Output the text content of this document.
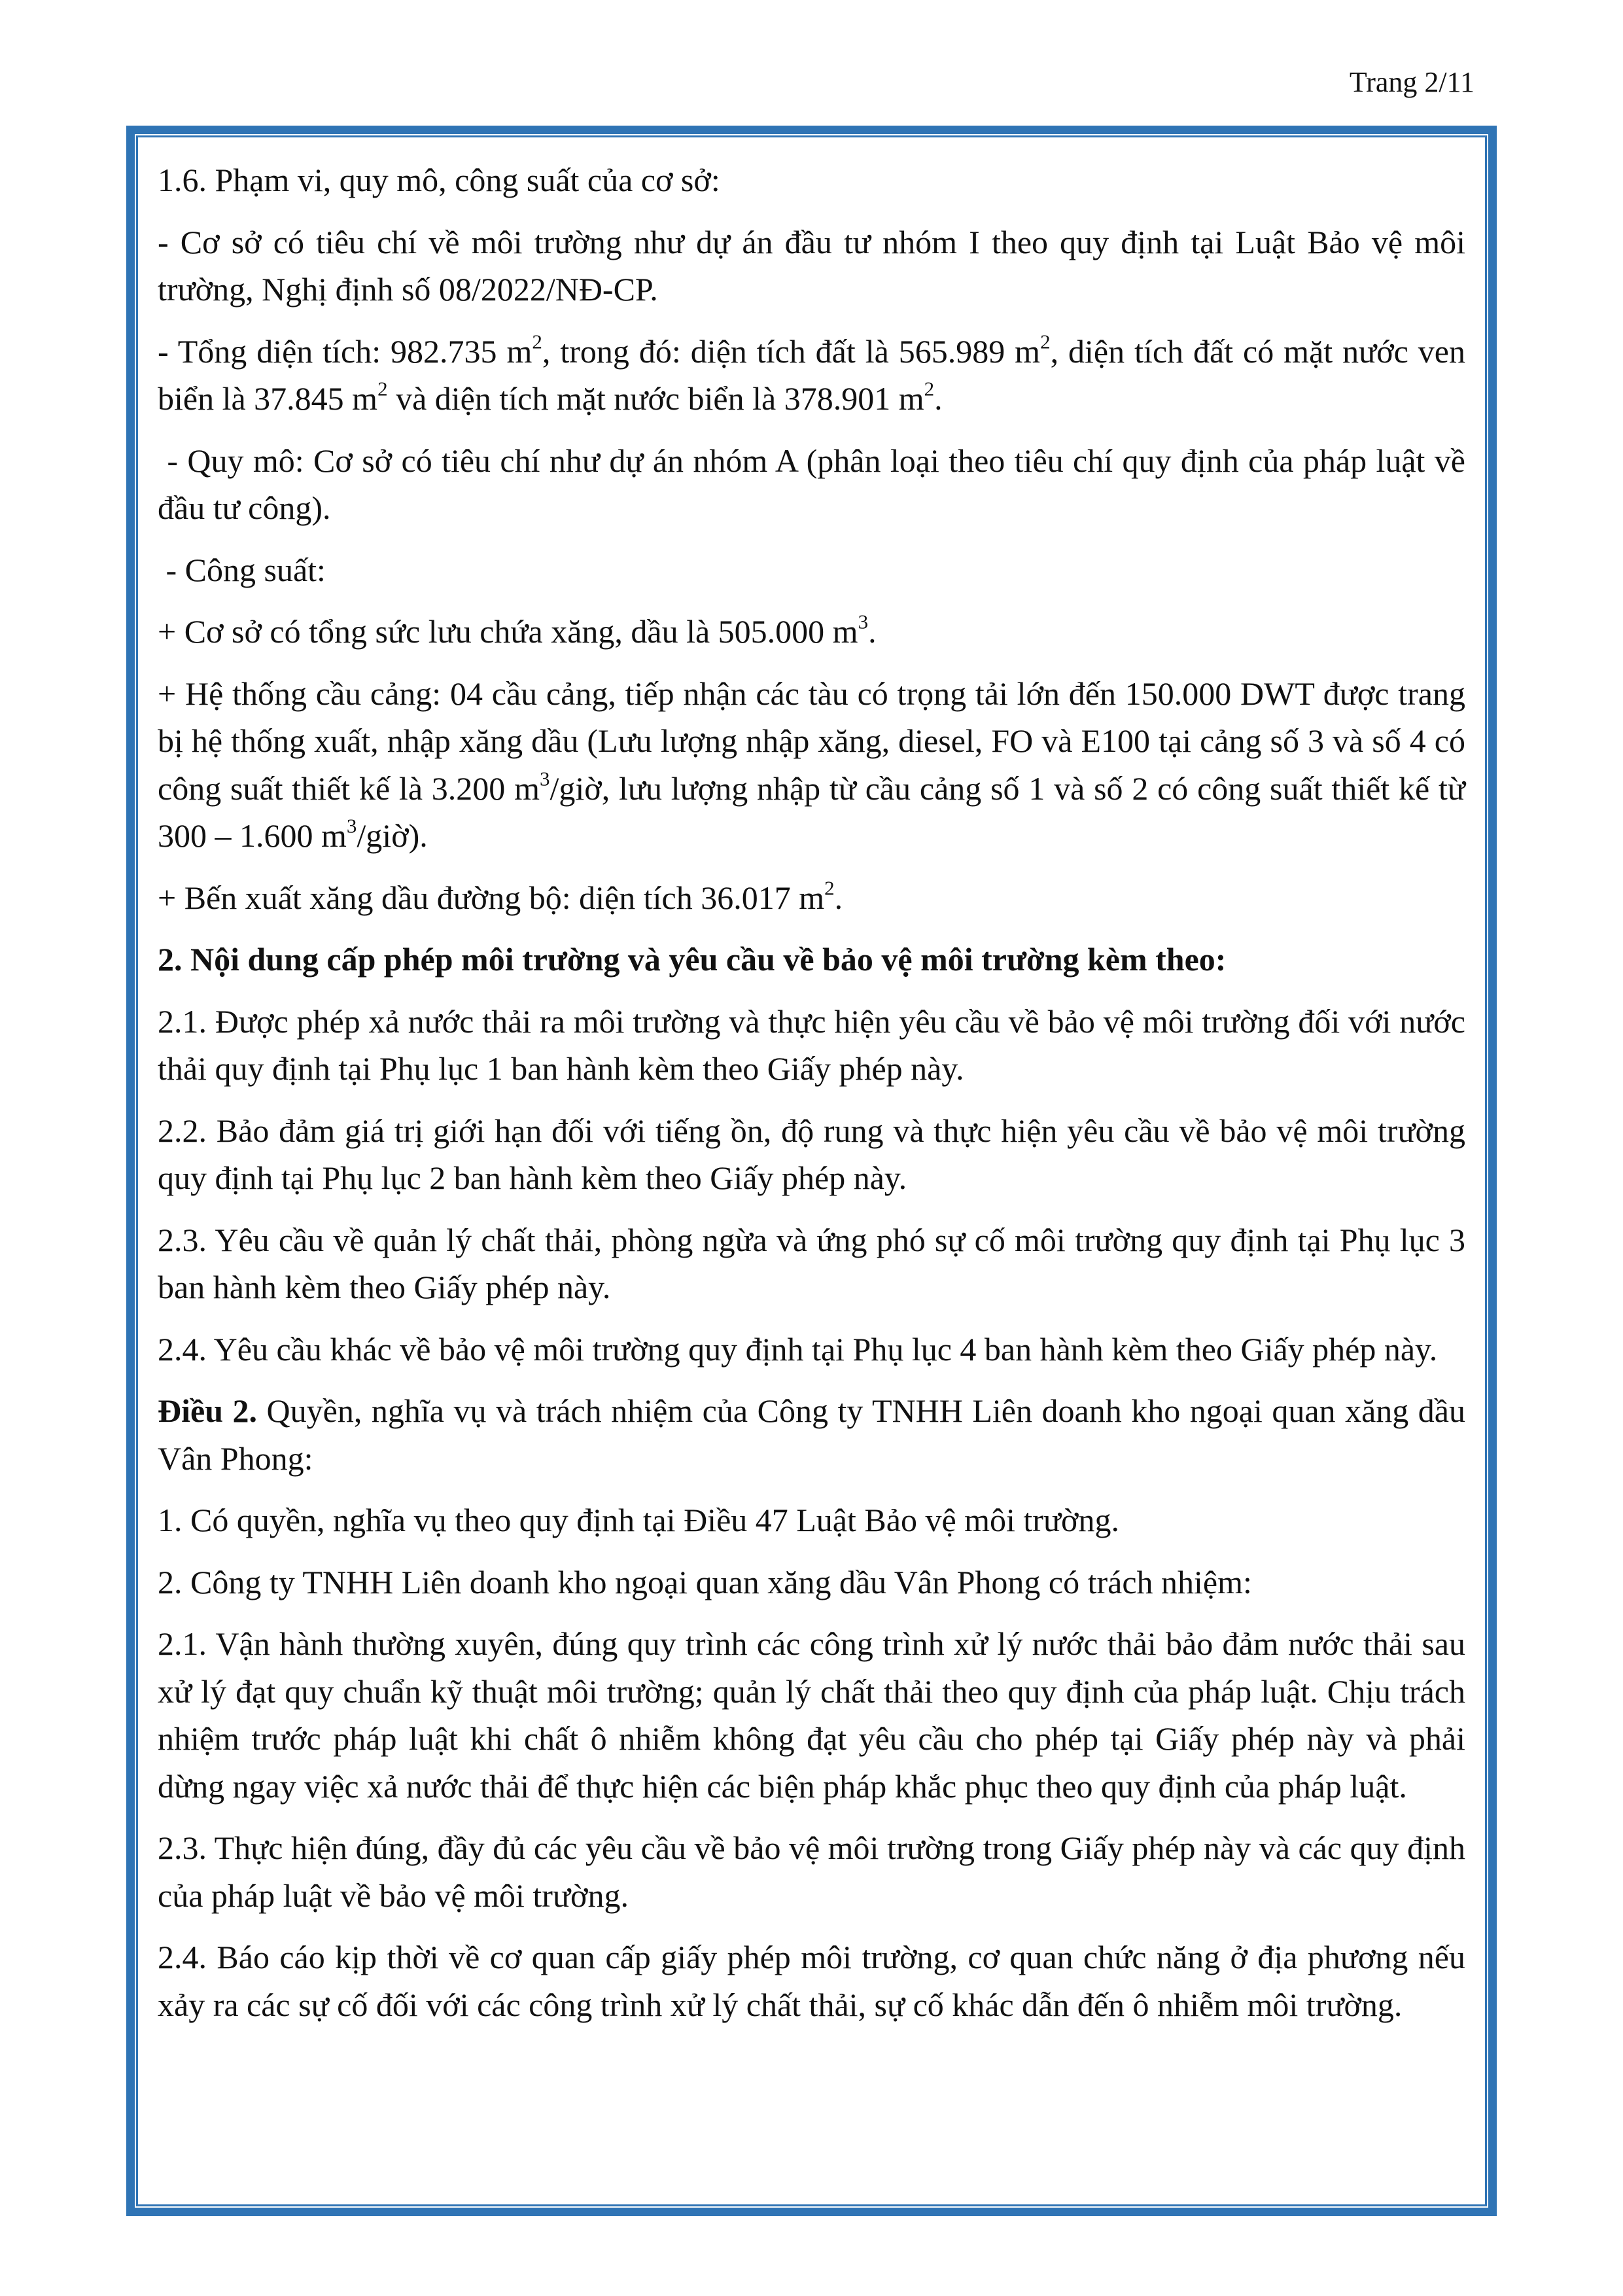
Trang 2/11

1.6. Phạm vi, quy mô, công suất của cơ sở:

- Cơ sở có tiêu chí về môi trường như dự án đầu tư nhóm I theo quy định tại Luật Bảo vệ môi trường, Nghị định số 08/2022/NĐ-CP.

- Tổng diện tích: 982.735 $m^2$, trong đó: diện tích đất là 565.989 $m^2$, diện tích đất có mặt nước ven biển là 37.845 $m^2$ và diện tích mặt nước biển là 378.901 $m^2$.

- Quy mô: Cơ sở có tiêu chí như dự án nhóm A (phân loại theo tiêu chí quy định của pháp luật về đầu tư công).

- Công suất:

+ Cơ sở có tổng sức lưu chứa xăng, dầu là 505.000 $m^3$.

+ Hệ thống cầu cảng: 04 cầu cảng, tiếp nhận các tàu có trọng tải lớn đến 150.000 DWT được trang bị hệ thống xuất, nhập xăng dầu (Lưu lượng nhập xăng, diesel, FO và E100 tại cảng số 3 và số 4 có công suất thiết kế là 3.200 $m^3$/giờ, lưu lượng nhập từ cầu cảng số 1 và số 2 có công suất thiết kế từ 300 – 1.600 $m^3/giờ$).

+ Bến xuất xăng dầu đường bộ: diện tích 36.017 $m^2$.

2. Nội dung cấp phép môi trường và yêu cầu về bảo vệ môi trường kèm theo:

2.1. Được phép xả nước thải ra môi trường và thực hiện yêu cầu về bảo vệ môi trường đối với nước thải quy định tại Phụ lục 1 ban hành kèm theo Giấy phép này.

2.2. Bảo đảm giá trị giới hạn đối với tiếng ồn, độ rung và thực hiện yêu cầu về bảo vệ môi trường quy định tại Phụ lục 2 ban hành kèm theo Giấy phép này.

2.3. Yêu cầu về quản lý chất thải, phòng ngừa và ứng phó sự cố môi trường quy định tại Phụ lục 3 ban hành kèm theo Giấy phép này.

2.4. Yêu cầu khác về bảo vệ môi trường quy định tại Phụ lục 4 ban hành kèm theo Giấy phép này.

Điều 2. Quyền, nghĩa vụ và trách nhiệm của Công ty TNHH Liên doanh kho ngoại quan xăng dầu Vân Phong:

1. Có quyền, nghĩa vụ theo quy định tại Điều 47 Luật Bảo vệ môi trường.

2. Công ty TNHH Liên doanh kho ngoại quan xăng dầu Vân Phong có trách nhiệm:

2.1. Vận hành thường xuyên, đúng quy trình các công trình xử lý nước thải bảo đảm nước thải sau xử lý đạt quy chuẩn kỹ thuật môi trường; quản lý chất thải theo quy định của pháp luật. Chịu trách nhiệm trước pháp luật khi chất ô nhiễm không đạt yêu cầu cho phép tại Giấy phép này và phải dừng ngay việc xả nước thải để thực hiện các biện pháp khắc phục theo quy định của pháp luật.

2.3. Thực hiện đúng, đầy đủ các yêu cầu về bảo vệ môi trường trong Giấy phép này và các quy định của pháp luật về bảo vệ môi trường.

2.4. Báo cáo kịp thời về cơ quan cấp giấy phép môi trường, cơ quan chức năng ở địa phương nếu xảy ra các sự cố đối với các công trình xử lý chất thải, sự cố khác dẫn đến ô nhiễm môi trường.
